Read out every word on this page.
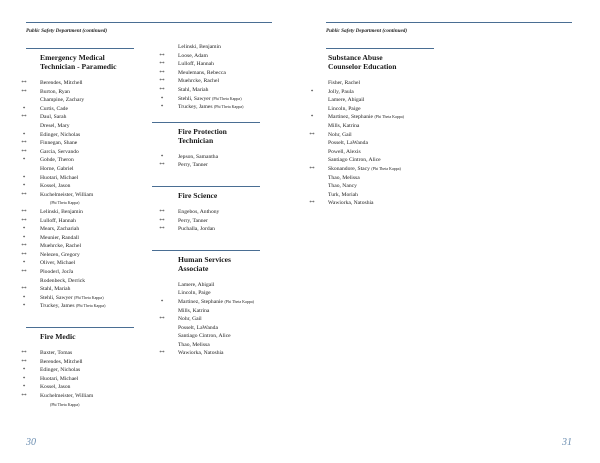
Public Safety Department (continued)
Emergency Medical
Technician - Paramedic
**	Berendes, Mitchell
**	Burton, Ryan
Champine, Zachary
*	Curtis, Cade
**	Daul, Sarah
Dresel, Mary
*	Edinger, Nicholas
**	Finnegan, Shane
**	Garcia, Servando
*	Gohde, Theron
Horne, Gabriel
*	Huotari, Michael
*	Kossel, Jason
**	Kuchelmeister, William
(Phi Theta Kappa)
**	Lelinski, Benjamin
**	Lulloff, Hannah
*	Mears, Zachariah
*	Meunier, Randall
**	Muehrcke, Rachel
**	Nelezen, Gregory
*	Oliver, Michael
**	Plooderl, JorJa
Rodenbeck, Derrick
**	Stahl, Mariah
*	Stehli, Sawyer (Phi Theta Kappa)
*	Truckey, James (Phi Theta Kappa)
Fire Medic
**	Baxter, Tomas
**	Berendes, Mitchell
*	Edinger, Nicholas
*	Huotari, Michael
*	Kossel, Jason
**	Kuchelmeister, William
(Phi Theta Kappa)
Lelinski, Benjamin
**	Loose, Adam
**	Lulloff, Hannah
**	Meulemans, Rebecca
**	Muehrcke, Rachel
**	Stahl, Mariah
*	Stehli, Sawyer (Phi Theta Kappa)
*	Truckey, James (Phi Theta Kappa)
Fire Protection
Technician
*	Jepson, Samantha
**	Perry, Tanner
Fire Science
**	Engebos, Anthony
**	Perry, Tanner
**	Puchalla, Jordan
Human Services
Associate
Lamere, Abigail
Lincoln, Paige
*	Martinez, Stephanie (Phi Theta Kappa)
Mills, Katrina
**	Nohr, Gail
Posselt, LaWanda
Santiago Cintron, Alice
Thao, Melissa
**	Wawiorka, Natoshia
30
Public Safety Department (continued)
Substance Abuse
Counselor Education
Fisher, Rachel
*	Jolly, Paula
Lamere, Abigail
Lincoln, Paige
*	Martinez, Stephanie (Phi Theta Kappa)
Mills, Katrina
**	Nohr, Gail
Posselt, LaWanda
Powell, Alexis
Santiago Cintron, Alice
**	Skonandore, Stacy (Phi Theta Kappa)
Thao, Melissa
Thao, Nancy
Turk, Moriah
**	Wawiorka, Natoshia
31
